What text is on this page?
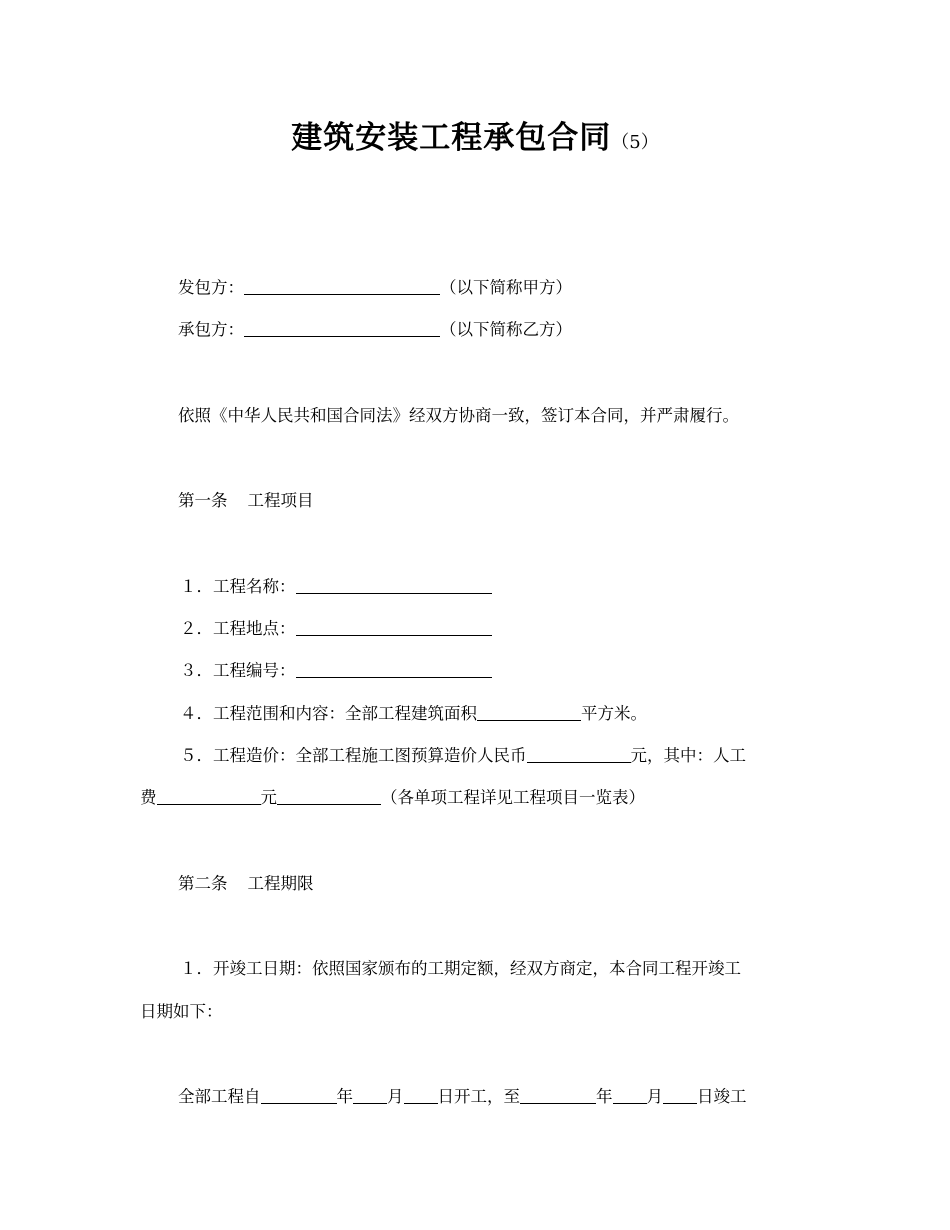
建筑安装工程承包合同（5）
发包方：	（以下简称甲方）
承包方：	（以下简称乙方）
依照《中华人民共和国合同法》经双方协商一致，签订本合同，并严肃履行。
第一条 工程项目
１．工程名称：
２．工程地点：
３．工程编号：
４．工程范围和内容：全部工程建筑面积	平方米。
５．工程造价：全部工程施工图预算造价人民币	元，其中：人工
费	元	（各单项工程详见工程项目一览表）
第二条 工程期限
１．开竣工日期：依照国家颁布的工期定额，经双方商定，本合同工程开竣工
日期如下：
全部工程自	年 月 日开工，至	年 月 日竣工
